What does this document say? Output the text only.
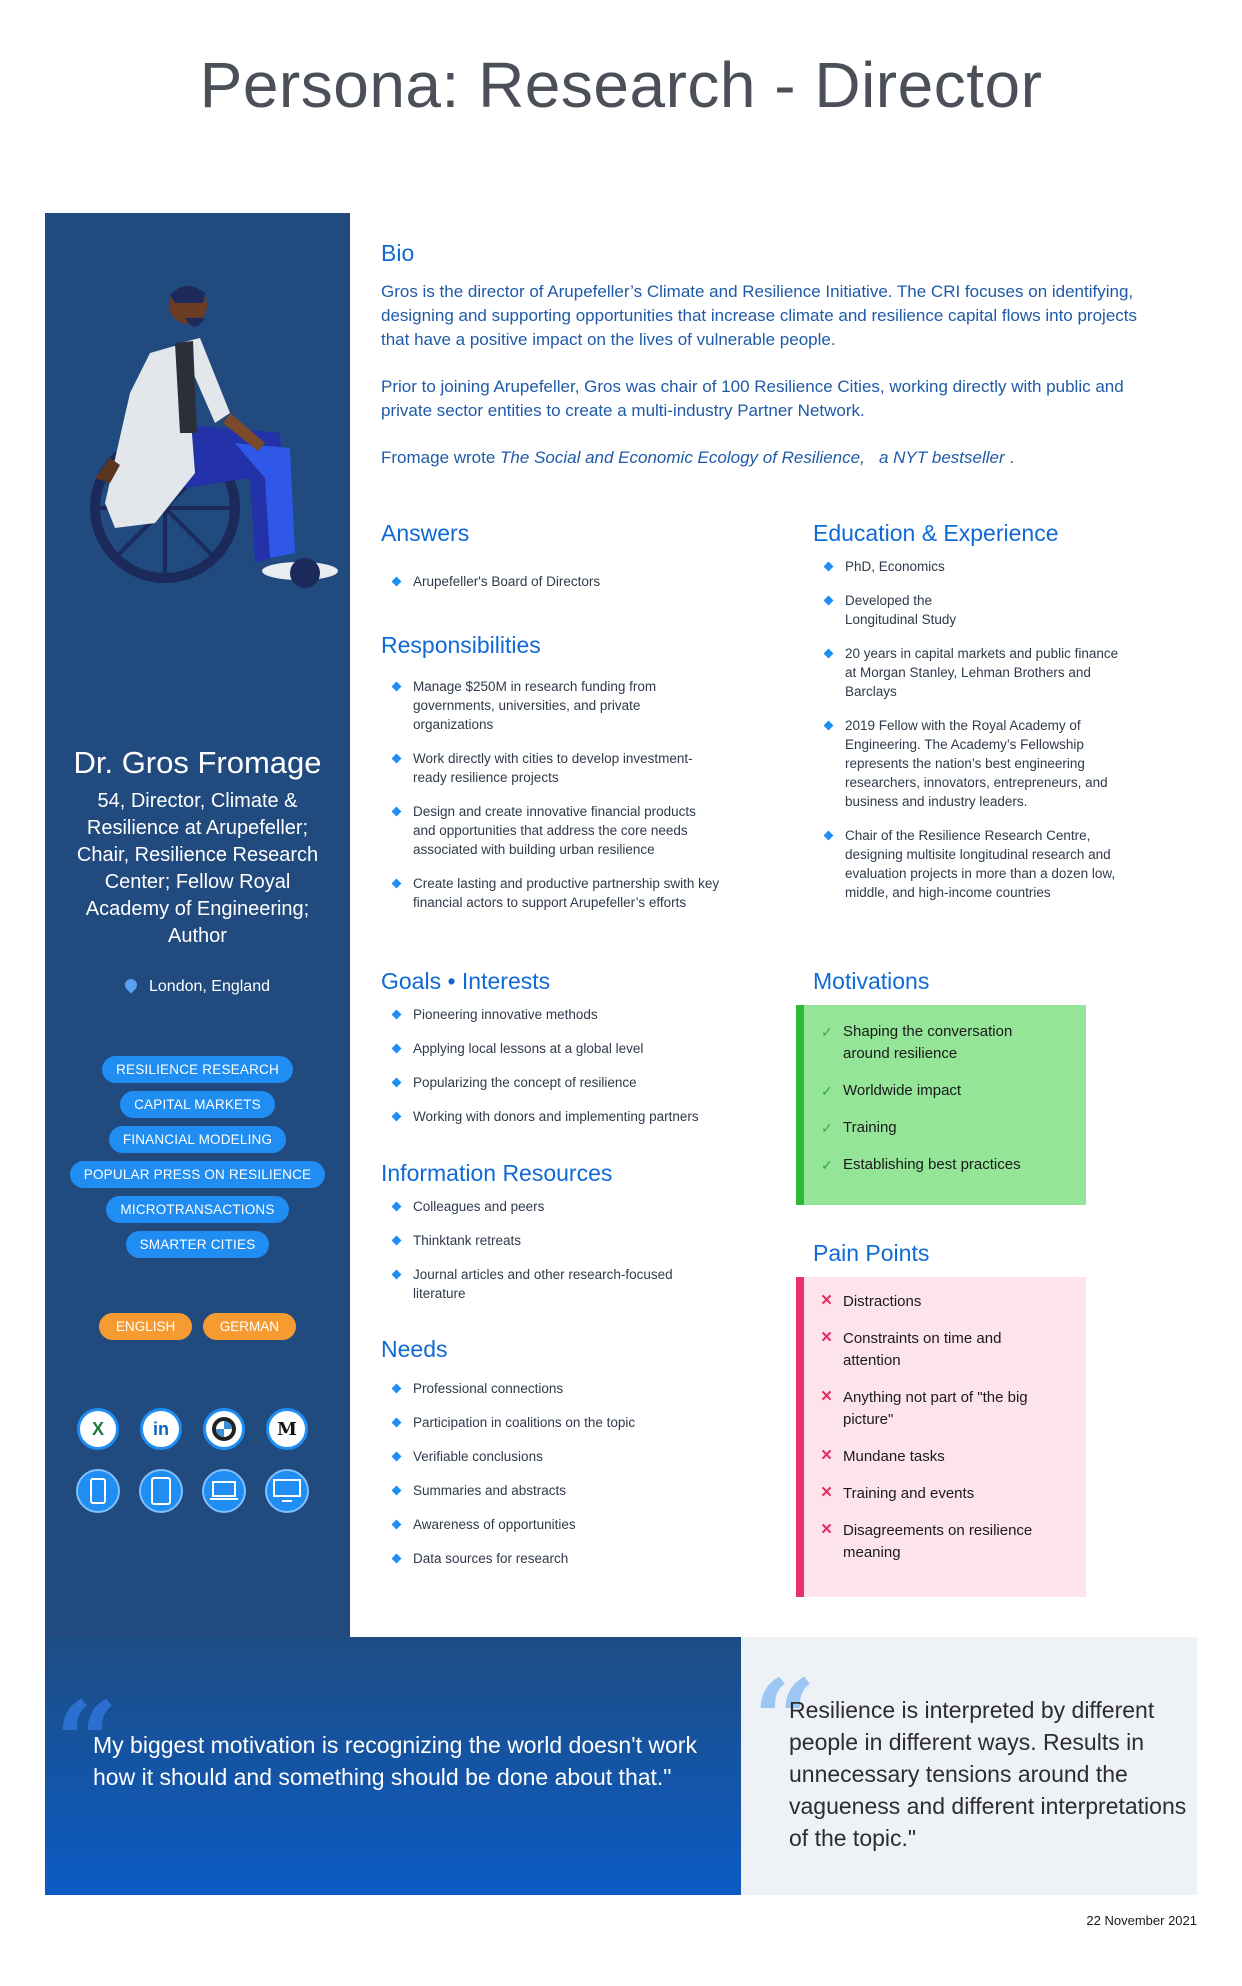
Persona: Research - Director
Dr. Gros Fromage
54, Director, Climate & Resilience at Arupefeller; Chair, Resilience Research Center; Fellow Royal Academy of Engineering; Author
London, England
RESILIENCE RESEARCH
CAPITAL MARKETS
FINANCIAL MODELING
POPULAR PRESS ON RESILIENCE
MICROTRANSACTIONS
SMARTER CITIES
ENGLISH	GERMAN
X	in	M
Bio

Gros is the director of Arupefeller’s Climate and Resilience Initiative. The CRI focuses on identifying, designing and supporting opportunities that increase climate and resilience capital flows into projects that have a positive impact on the lives of vulnerable people.

Prior to joining Arupefeller, Gros was chair of 100 Resilience Cities, working directly with public and private sector entities to create a multi-industry Partner Network.

Fromage wrote The Social and Economic Ecology of Resilience, a NYT bestseller .

Answers
Arupefeller's Board of Directors
Responsibilities
Manage $250M in research funding from governments, universities, and private organizations
Work directly with cities to develop investment-ready resilience projects
Design and create innovative financial products and opportunities that address the core needs associated with building urban resilience
Create lasting and productive partnership swith key financial actors to support Arupefeller’s efforts
Goals • Interests
Pioneering innovative methods
Applying local lessons at a global level
Popularizing the concept of resilience
Working with donors and implementing partners
Information Resources
Colleagues and peers
Thinktank retreats
Journal articles and other research-focused literature
Needs
Professional connections
Participation in coalitions on the topic
Verifiable conclusions
Summaries and abstracts
Awareness of opportunities
Data sources for research
Education & Experience
PhD, Economics
Developed the Longitudinal Study
20 years in capital markets and public finance at Morgan Stanley, Lehman Brothers and Barclays
2019 Fellow with the Royal Academy of Engineering. The Academy’s Fellowship represents the nation’s best engineering researchers, innovators, entrepreneurs, and business and industry leaders.
Chair of the Resilience Research Centre, designing multisite longitudinal research and evaluation projects in more than a dozen low, middle, and high-income countries
Motivations
✓ Shaping the conversation around resilience
✓ Worldwide impact
✓ Training
✓ Establishing best practices
Pain Points
× Distractions
× Constraints on time and attention
× Anything not part of "the big picture"
× Mundane tasks
× Training and events
× Disagreements on resilience meaning
“
My biggest motivation is recognizing the world doesn't work how it should and something should be done about that." “
Resilience is interpreted by different people in different ways. Results in unnecessary tensions around the vagueness and different interpretations of the topic."
22 November 2021
